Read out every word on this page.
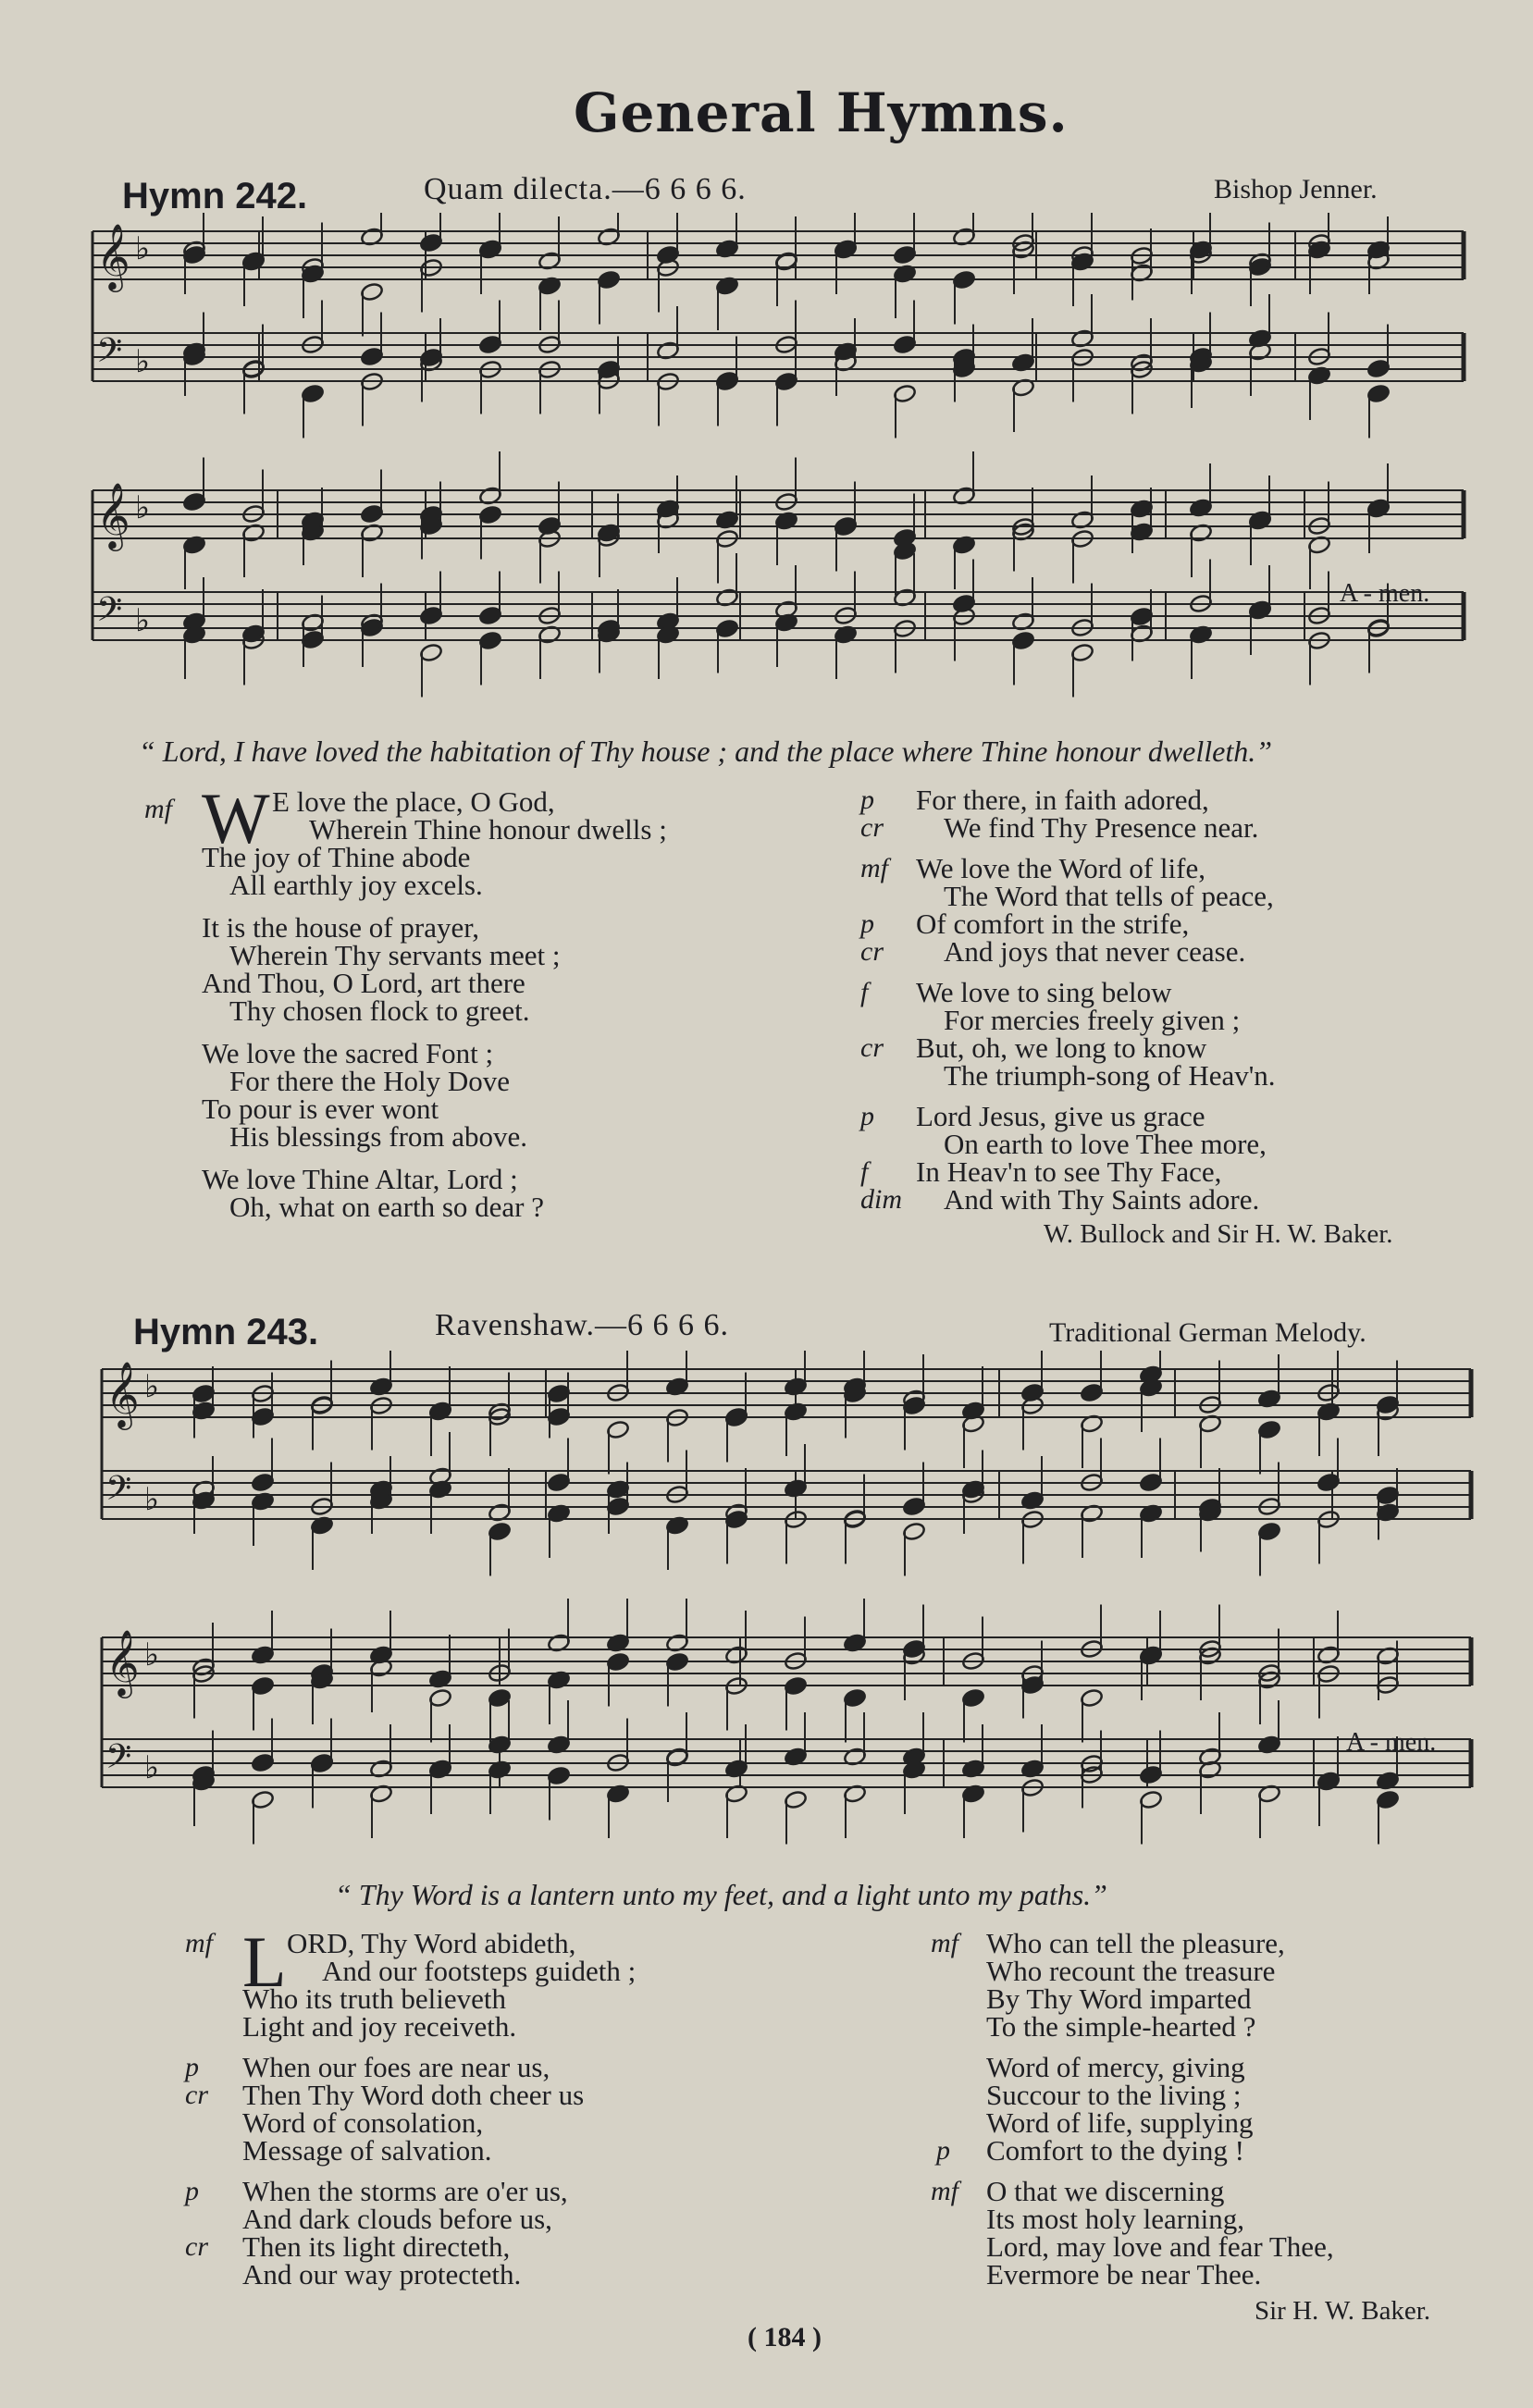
General Hymns.
Hymn 242.	Quam dilecta.—6 6 6 6.	Bishop Jenner.
𝄞 ♭
𝄢 ♭
𝄞 ♭
𝄢 ♭
A - men.
“ Lord, I have loved the habitation of Thy house ; and the place where Thine honour dwelleth.”
W
mf	E love the place, O God,
Wherein Thine honour dwells ;
The joy of Thine abode
All earthly joy excels.
It is the house of prayer,
Wherein Thy servants meet ;
And Thou, O Lord, art there
Thy chosen flock to greet.
We love the sacred Font ;
For there the Holy Dove
To pour is ever wont
His blessings from above.
We love Thine Altar, Lord ;
Oh, what on earth so dear ?
p	For there, in faith adored,
cr	We find Thy Presence near.
mf We love the Word of life,
The Word that tells of peace,
p	Of comfort in the strife,
cr	And joys that never cease.
f	We love to sing below
For mercies freely given ;
cr	But, oh, we long to know
The triumph-song of Heav'n.
p	Lord Jesus, give us grace
On earth to love Thee more,
f	In Heav'n to see Thy Face,
dim	And with Thy Saints adore.
W. Bullock and Sir H. W. Baker.
Hymn 243.	Ravenshaw.—6 6 6 6.	Traditional German Melody.
𝄞 ♭
𝄢 ♭
𝄞 ♭
𝄢 ♭
A - men.
“ Thy Word is a lantern unto my feet, and a light unto my paths.”
L
mf	ORD, Thy Word abideth,
And our footsteps guideth ;
Who its truth believeth
Light and joy receiveth.
p	When our foes are near us,
cr	Then Thy Word doth cheer us
Word of consolation,
Message of salvation.
p	When the storms are o'er us,
And dark clouds before us,
cr	Then its light directeth,
And our way protecteth.
mf Who can tell the pleasure,
Who recount the treasure
By Thy Word imparted
To the simple-hearted ?
Word of mercy, giving
Succour to the living ;
Word of life, supplying
p	Comfort to the dying !
mf O that we discerning
Its most holy learning,
Lord, may love and fear Thee,
Evermore be near Thee.
Sir H. W. Baker.
( 184 )
